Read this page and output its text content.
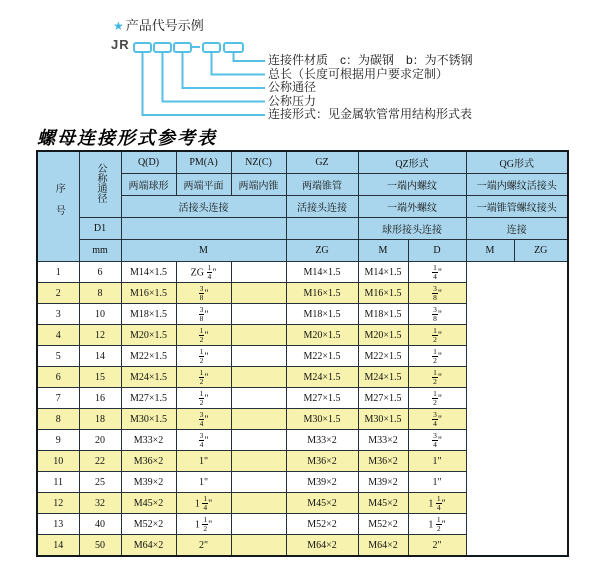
★ 产品代号示例
JR
连接件材质　c：为碳钢　b：为不锈钢
总长（长度可根据用户要求定制）
公称通径
公称压力
连接形式：见金属软管常用结构形式表
螺母连接形式参考表
序号	公称通径	Q(D)	PM(A)	NZ(C)	GZ	QZ形式		QG形式	
		两端球形	两端平面	两端内锥	两端锥管	一端内螺纹		一端内螺纹活接头	
		活接头连接			活接头连接	一端外螺纹		一端锥管螺纹接头	
	D1					球形接头连接		连接	
	mm	M			ZG	M	D	M	ZG
1	6	M14×1.5	ZG $\frac{1}{4}$ "		M14×1.5	M14×1.5	$\frac{1}{4}$ "		
2	8	M16×1.5	$\frac{3}{8}$ "		M16×1.5	M16×1.5	$\frac{3}{8}$ "		
3	10	M18×1.5	$\frac{3}{8}$ "		M18×1.5	M18×1.5	$\frac{3}{8}$ "		
4	12	M20×1.5	$\frac{1}{2}$ "		M20×1.5	M20×1.5	$\frac{1}{2}$ "		
5	14	M22×1.5	$\frac{1}{2}$ "		M22×1.5	M22×1.5	$\frac{1}{2}$ "		
6	15	M24×1.5	$\frac{1}{2}$ "		M24×1.5	M24×1.5	$\frac{1}{2}$ "		
7	16	M27×1.5	$\frac{1}{2}$ "		M27×1.5	M27×1.5	$\frac{1}{2}$ "		
8	18	M30×1.5	$\frac{3}{4}$ "		M30×1.5	M30×1.5	$\frac{3}{4}$ "		
9	20	M33×2	$\frac{3}{4}$ "		M33×2	M33×2	$\frac{3}{4}$ "		
10	22	M36×2	1"		M36×2	M36×2	1"		
11	25	M39×2	1"		M39×2	M39×2	1"		
12	32	M45×2	$1 \frac{1}{4}$ "		M45×2	M45×2	$1 \frac{1}{4}$ "		
13	40	M52×2	$1 \frac{1}{2}$ "		M52×2	M52×2	$1 \frac{1}{2}$ "		
14	50	M64×2	2"		M64×2	M64×2	2"		
